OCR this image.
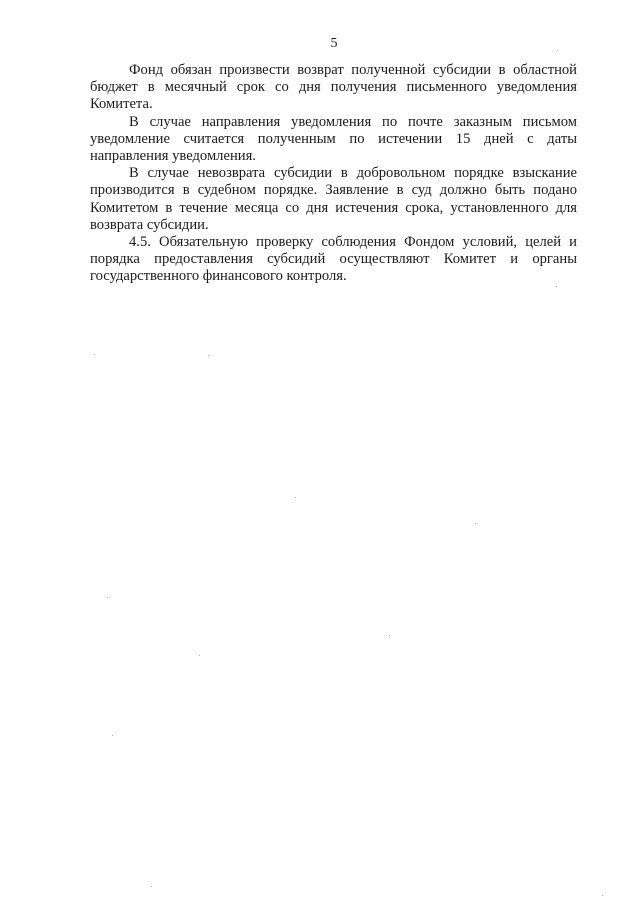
5

Фонд обязан произвести возврат полученной субсидии в областной бюджет в месячный срок со дня получения письменного уведомления Комитета.

В случае направления уведомления по почте заказным письмом уведомление считается полученным по истечении 15 дней с даты направления уведомления.

В случае невозврата субсидии в добровольном порядке взыскание производится в судебном порядке. Заявление в суд должно быть подано Комитетом в течение месяца со дня истечения срока, установленного для возврата субсидии.

4.5. Обязательную проверку соблюдения Фондом условий, целей и порядка предоставления субсидий осуществляют Комитет и органы государственного финансового контроля.
